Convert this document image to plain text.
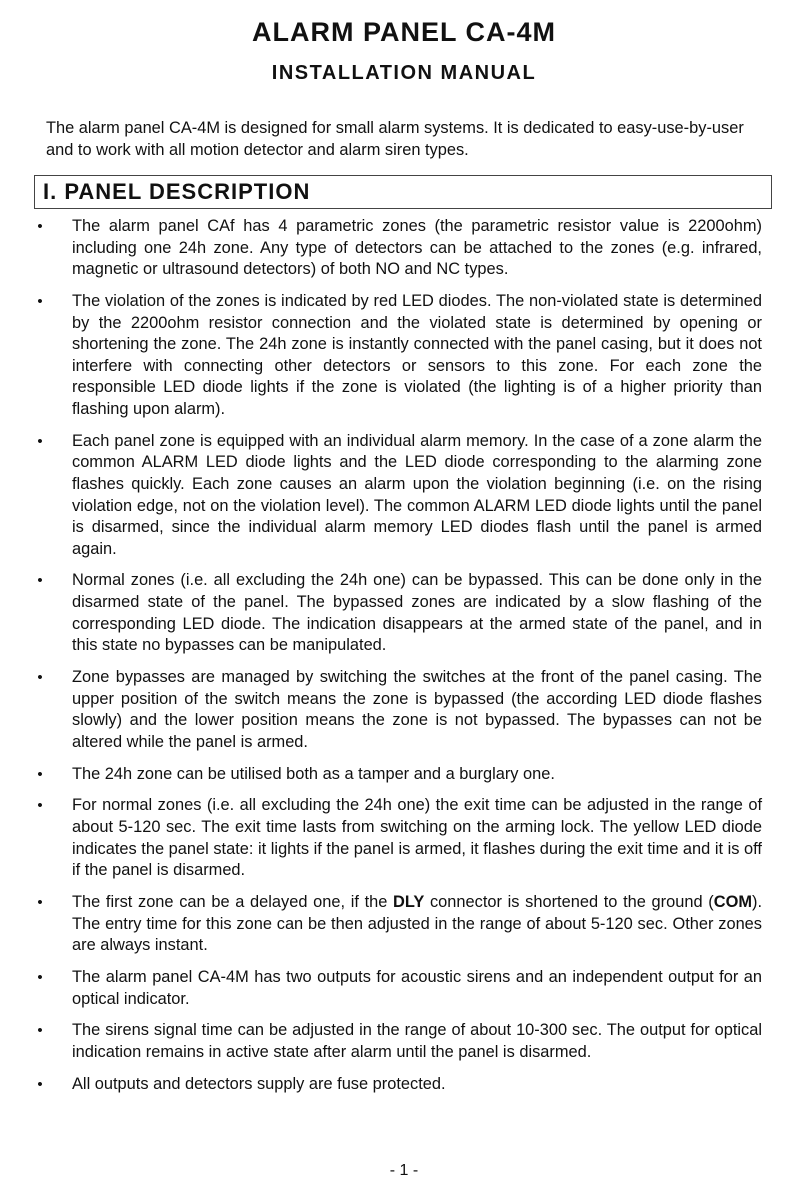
ALARM PANEL CA-4M
INSTALLATION MANUAL

The alarm panel CA-4M is designed for small alarm systems. It is dedicated to easy-use-by-user and to work with all motion detector and alarm siren types.

I. PANEL DESCRIPTION
• The alarm panel CAf has 4 parametric zones (the parametric resistor value is 2200ohm) including one 24h zone. Any type of detectors can be attached to the zones (e.g. infrared, magnetic or ultrasound detectors) of both NO and NC types.
• The violation of the zones is indicated by red LED diodes. The non-violated state is determined by the 2200ohm resistor connection and the violated state is determined by opening or shortening the zone. The 24h zone is instantly connected with the panel casing, but it does not interfere with connecting other detectors or sensors to this zone. For each zone the responsible LED diode lights if the zone is violated (the lighting is of a higher priority than flashing upon alarm).
• Each panel zone is equipped with an individual alarm memory. In the case of a zone alarm the common ALARM LED diode lights and the LED diode corresponding to the alarming zone flashes quickly. Each zone causes an alarm upon the violation beginning (i.e. on the rising violation edge, not on the violation level). The common ALARM LED diode lights until the panel is disarmed, since the individual alarm memory LED diodes flash until the panel is armed again.
• Normal zones (i.e. all excluding the 24h one) can be bypassed. This can be done only in the disarmed state of the panel. The bypassed zones are indicated by a slow flashing of the corresponding LED diode. The indication disappears at the armed state of the panel, and in this state no bypasses can be manipulated.
• Zone bypasses are managed by switching the switches at the front of the panel casing. The upper position of the switch means the zone is bypassed (the according LED diode flashes slowly) and the lower position means the zone is not bypassed. The bypasses can not be altered while the panel is armed.
• The 24h zone can be utilised both as a tamper and a burglary one.
• For normal zones (i.e. all excluding the 24h one) the exit time can be adjusted in the range of about 5-120 sec. The exit time lasts from switching on the arming lock. The yellow LED diode indicates the panel state: it lights if the panel is armed, it flashes during the exit time and it is off if the panel is disarmed.
• The first zone can be a delayed one, if the DLY connector is shortened to the ground (COM). The entry time for this zone can be then adjusted in the range of about 5-120 sec. Other zones are always instant.
• The alarm panel CA-4M has two outputs for acoustic sirens and an independent output for an optical indicator.
• The sirens signal time can be adjusted in the range of about 10-300 sec. The output for optical indication remains in active state after alarm until the panel is disarmed.
• All outputs and detectors supply are fuse protected.

- 1 -
